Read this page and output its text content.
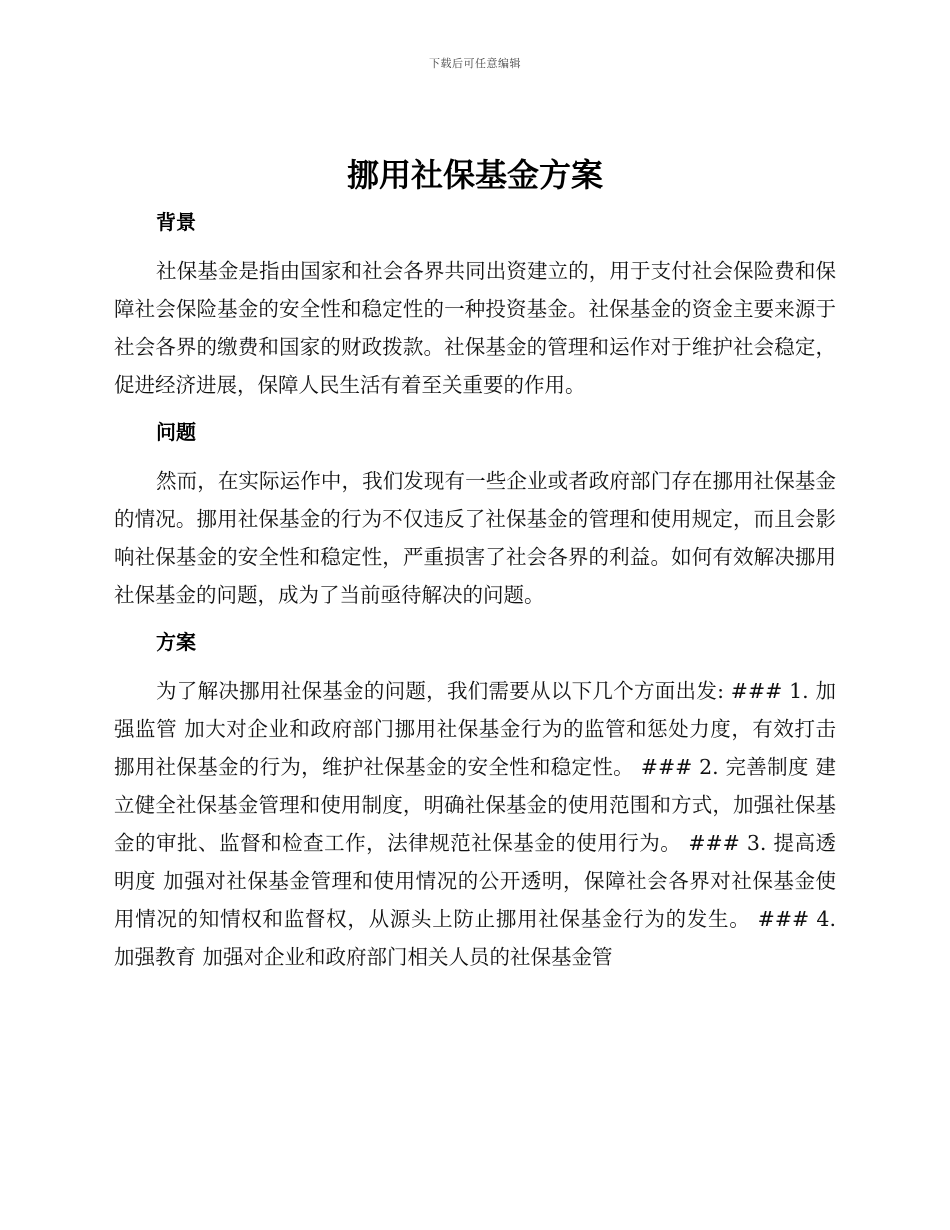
下载后可任意编辑
挪用社保基金方案
背景

社保基金是指由国家和社会各界共同出资建立的，用于支付社会保险费和保障社会保险基金的安全性和稳定性的一种投资基金。社保基金的资金主要来源于社会各界的缴费和国家的财政拨款。社保基金的管理和运作对于维护社会稳定，促进经济进展，保障人民生活有着至关重要的作用。

问题

然而，在实际运作中，我们发现有一些企业或者政府部门存在挪用社保基金的情况。挪用社保基金的行为不仅违反了社保基金的管理和使用规定，而且会影响社保基金的安全性和稳定性，严重损害了社会各界的利益。如何有效解决挪用社保基金的问题，成为了当前亟待解决的问题。

方案

为了解决挪用社保基金的问题，我们需要从以下几个方面出发: ### 1. 加强监管 加大对企业和政府部门挪用社保基金行为的监管和惩处力度，有效打击挪用社保基金的行为，维护社保基金的安全性和稳定性。 ### 2. 完善制度 建立健全社保基金管理和使用制度，明确社保基金的使用范围和方式，加强社保基金的审批、监督和检查工作，法律规范社保基金的使用行为。 ### 3. 提高透明度 加强对社保基金管理和使用情况的公开透明，保障社会各界对社保基金使用情况的知情权和监督权，从源头上防止挪用社保基金行为的发生。 ### 4. 加强教育 加强对企业和政府部门相关人员的社保基金管
